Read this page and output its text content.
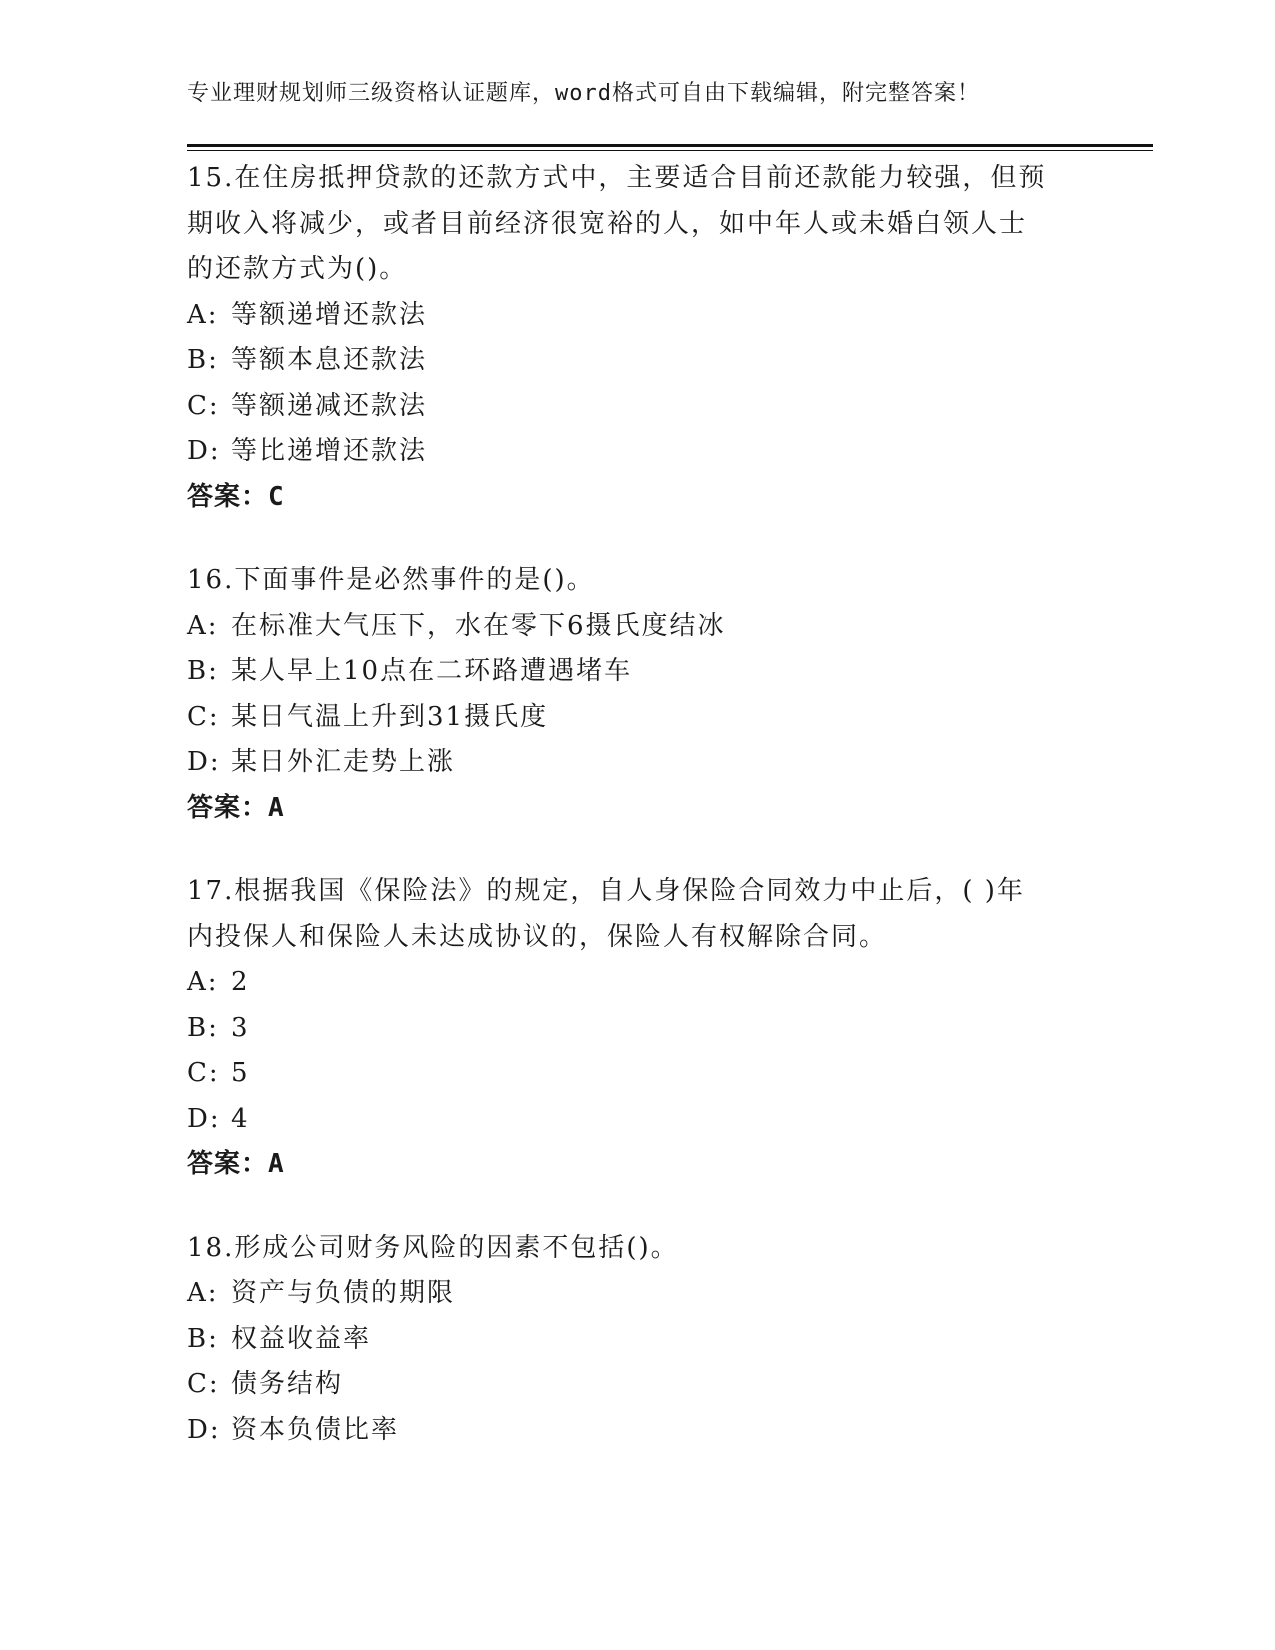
专业理财规划师三级资格认证题库，word格式可自由下载编辑，附完整答案！
15.在住房抵押贷款的还款方式中，主要适合目前还款能力较强，但预
期收入将减少，或者目前经济很宽裕的人，如中年人或未婚白领人士
的还款方式为()。
A: 等额递增还款法
B: 等额本息还款法
C: 等额递减还款法
D: 等比递增还款法
答案：C
16.下面事件是必然事件的是()。
A: 在标准大气压下，水在零下6摄氏度结冰
B: 某人早上10点在二环路遭遇堵车
C: 某日气温上升到31摄氏度
D: 某日外汇走势上涨
答案：A
17.根据我国《保险法》的规定，自人身保险合同效力中止后，( )年
内投保人和保险人未达成协议的，保险人有权解除合同。
A: 2
B: 3
C: 5
D: 4
答案：A
18.形成公司财务风险的因素不包括()。
A: 资产与负债的期限
B: 权益收益率
C: 债务结构
D: 资本负债比率
